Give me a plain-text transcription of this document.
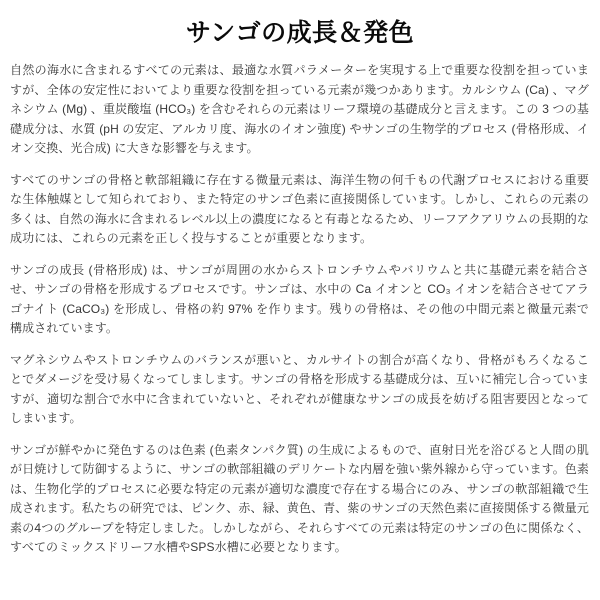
サンゴの成長＆発色

自然の海水に含まれるすべての元素は、最適な水質パラメーターを実現する上で重要な役割を担っていますが、全体の安定性においてより重要な役割を担っている元素が幾つかあります。カルシウム (Ca) 、マグネシウム (Mg) 、重炭酸塩 (HCO₃) を含むそれらの元素はリーフ環境の基礎成分と言えます。この 3 つの基礎成分は、水質 (pH の安定、アルカリ度、海水のイオン強度) やサンゴの生物学的プロセス (骨格形成、イオン交換、光合成) に大きな影響を与えます。

すべてのサンゴの骨格と軟部組織に存在する微量元素は、海洋生物の何千もの代謝プロセスにおける重要な生体触媒として知られており、また特定のサンゴ色素に直接関係しています。しかし、これらの元素の多くは、自然の海水に含まれるレベル以上の濃度になると有毒となるため、リーフアクアリウムの長期的な成功には、これらの元素を正しく投与することが重要となります。

サンゴの成長 (骨格形成) は、サンゴが周囲の水からストロンチウムやバリウムと共に基礎元素を結合させ、サンゴの骨格を形成するプロセスです。サンゴは、水中の Ca イオンと CO₃ イオンを結合させてアラゴナイト (CaCO₃) を形成し、骨格の約 97% を作ります。残りの骨格は、その他の中間元素と微量元素で構成されています。

マグネシウムやストロンチウムのバランスが悪いと、カルサイトの割合が高くなり、骨格がもろくなることでダメージを受け易くなってしまします。サンゴの骨格を形成する基礎成分は、互いに補完し合っていますが、適切な割合で水中に含まれていないと、それぞれが健康なサンゴの成長を妨げる阻害要因となってしまいます。

サンゴが鮮やかに発色するのは色素 (色素タンパク質) の生成によるもので、直射日光を浴びると人間の肌が日焼けして防御するように、サンゴの軟部組織のデリケートな内層を強い紫外線から守っています。色素は、生物化学的プロセスに必要な特定の元素が適切な濃度で存在する場合にのみ、サンゴの軟部組織で生成されます。私たちの研究では、ピンク、赤、緑、黄色、青、紫のサンゴの天然色素に直接関係する微量元素の4つのグループを特定しました。しかしながら、それらすべての元素は特定のサンゴの色に関係なく、すべてのミックスドリーフ水槽やSPS水槽に必要となります。
